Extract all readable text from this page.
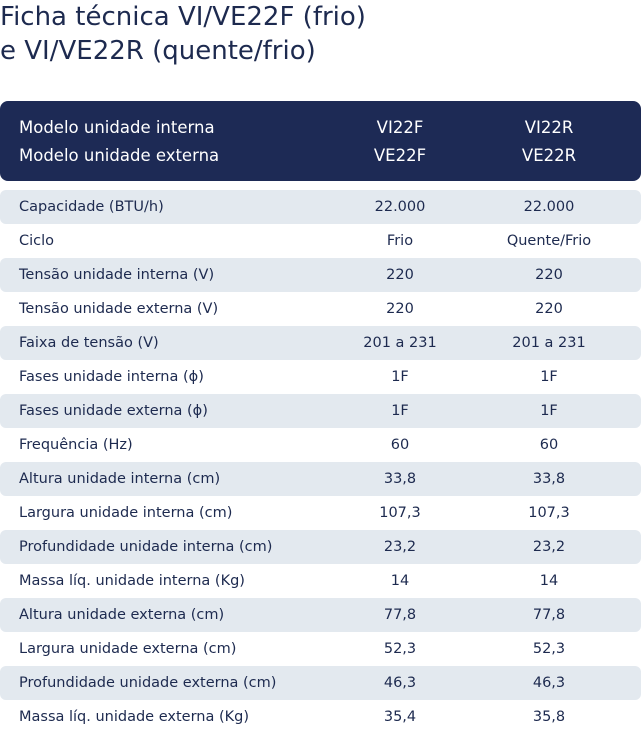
Ficha técnica VI/VE22F (frio)
e VI/VE22R (quente/frio)
Modelo unidade interna	VI22F	VI22R
Modelo unidade externa	VE22F	VE22R
Capacidade (BTU/h)	22.000	22.000
Ciclo	Frio	Quente/Frio
Tensão unidade interna (V)	220	220
Tensão unidade externa (V)	220	220
Faixa de tensão (V)	201 a 231	201 a 231
Fases unidade interna (ϕ)	1F	1F
Fases unidade externa (ϕ)	1F	1F
Frequência (Hz)	60	60
Altura unidade interna (cm)	33,8	33,8
Largura unidade interna (cm)	107,3	107,3
Profundidade unidade interna (cm)	23,2	23,2
Massa líq. unidade interna (Kg)	14	14
Altura unidade externa (cm)	77,8	77,8
Largura unidade externa (cm)	52,3	52,3
Profundidade unidade externa (cm)	46,3	46,3
Massa líq. unidade externa (Kg)	35,4	35,8
